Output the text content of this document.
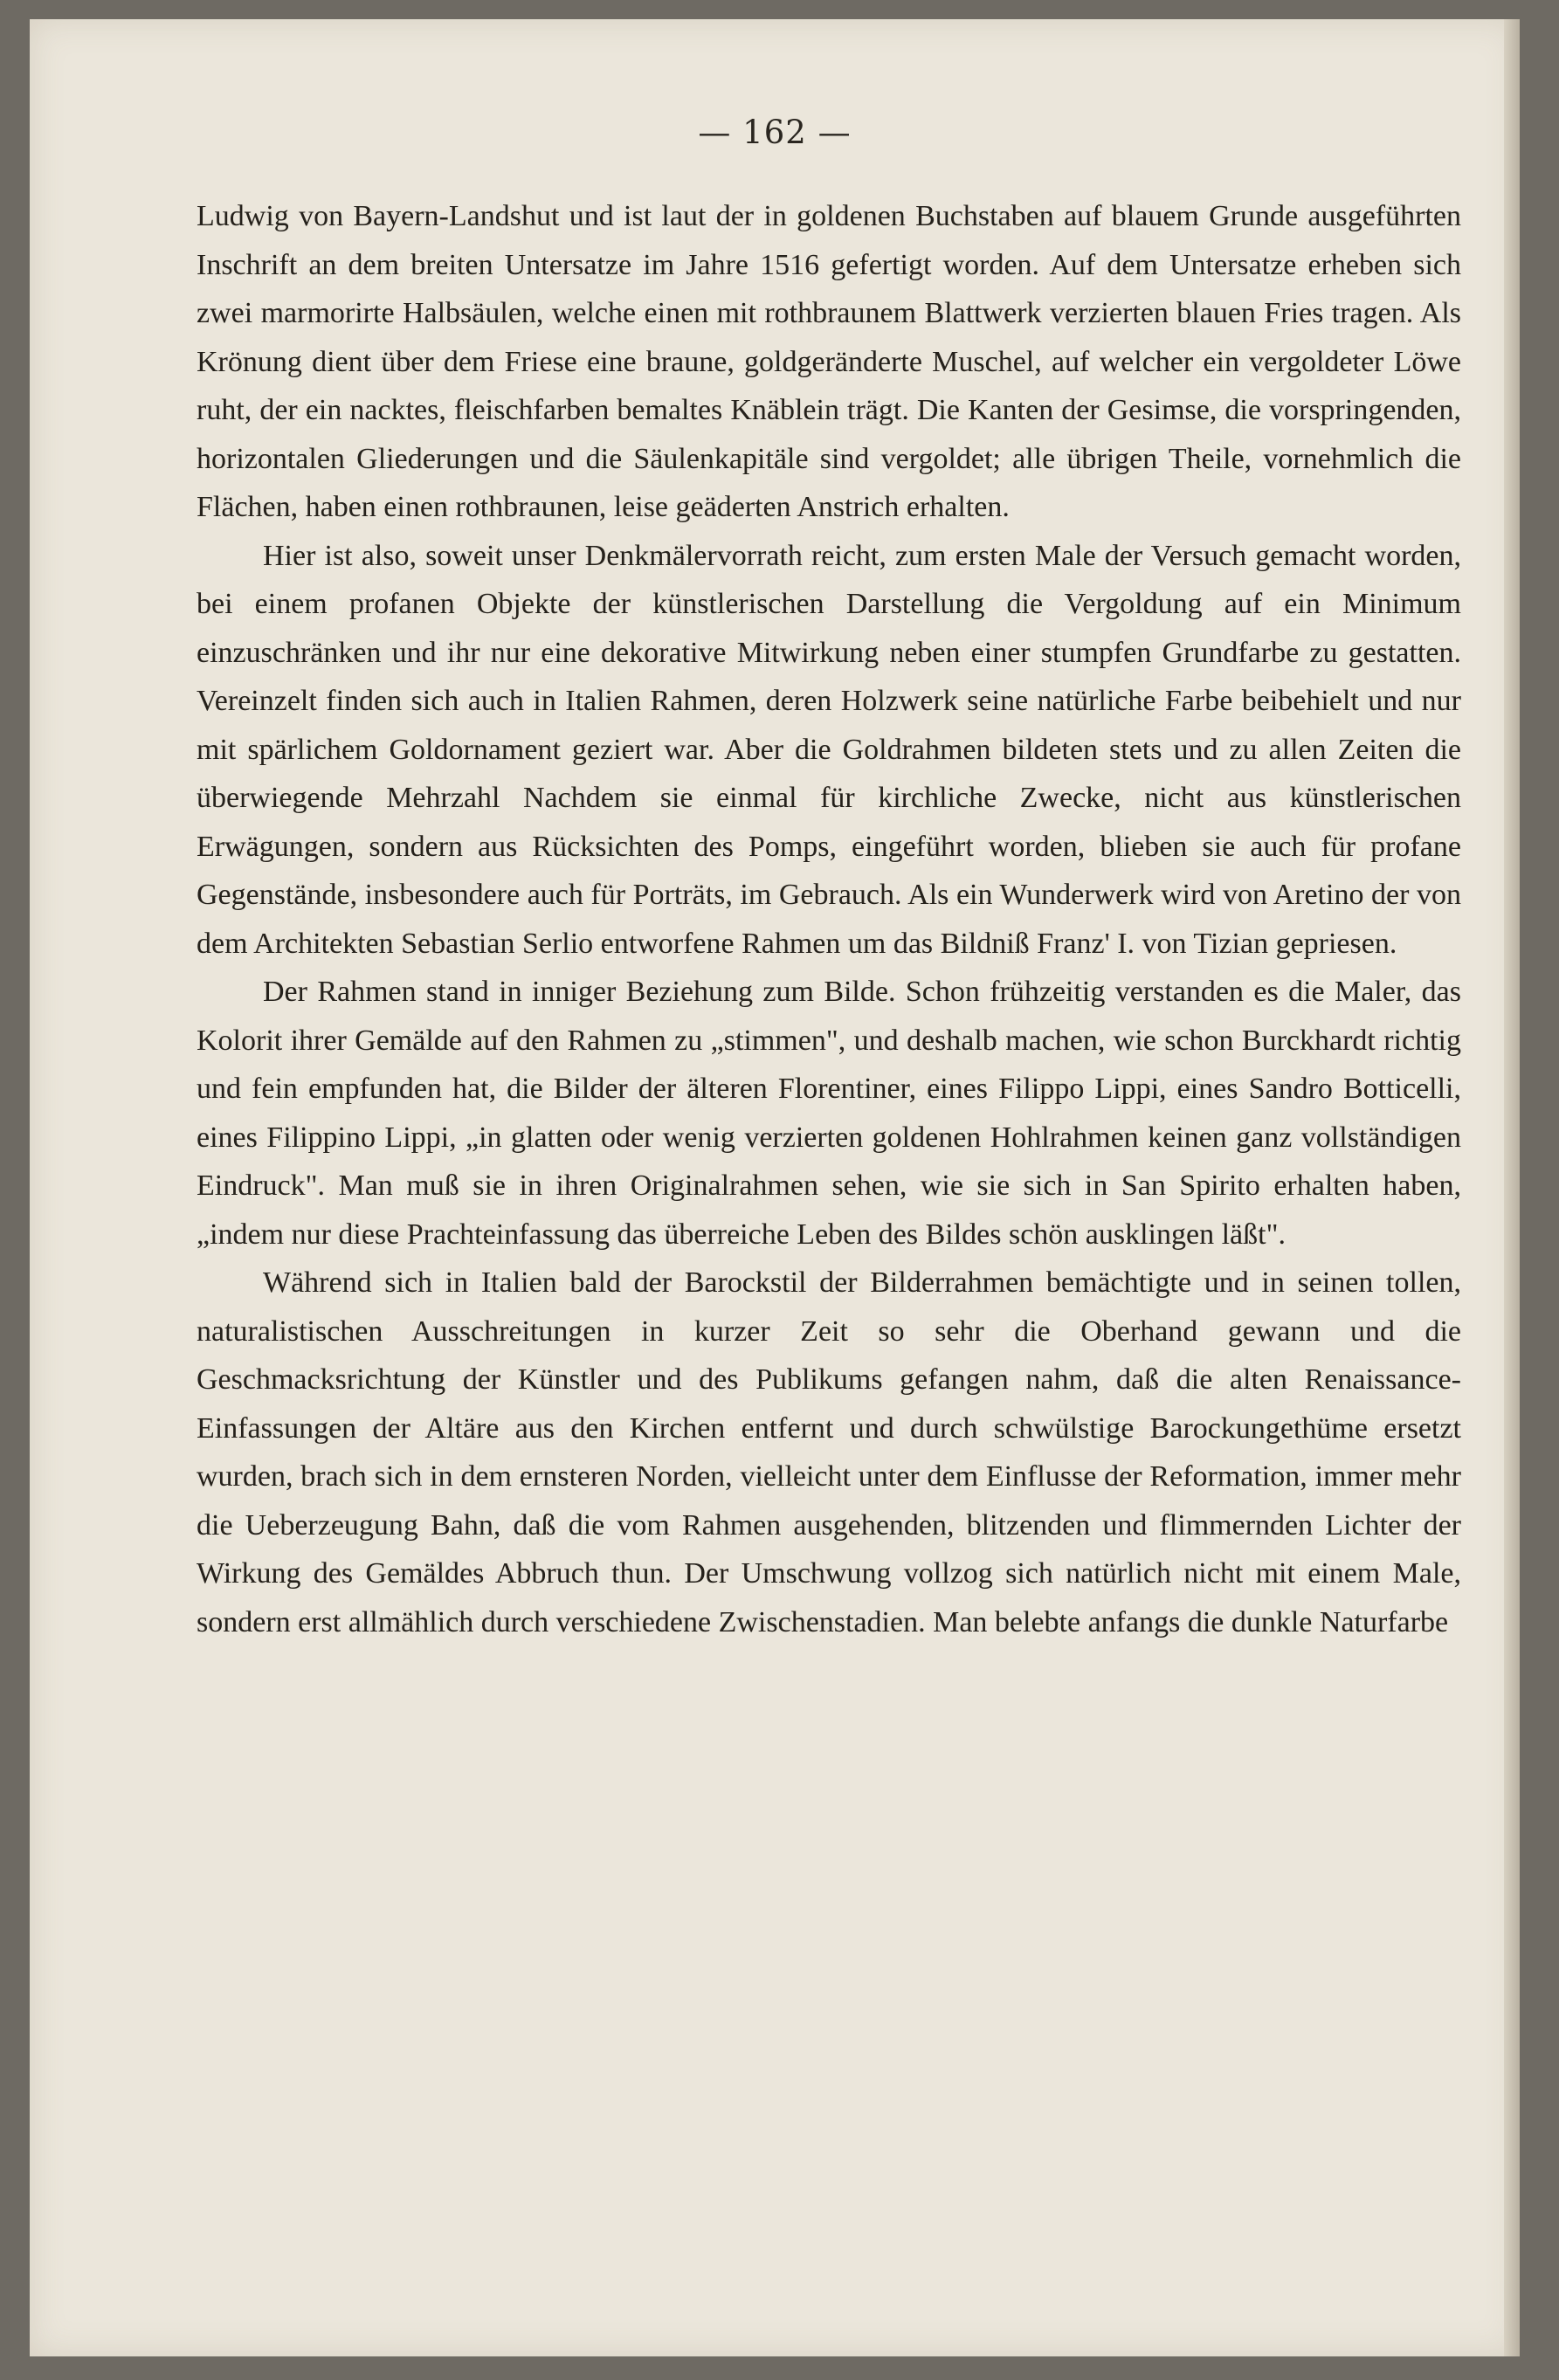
— 162 —

Ludwig von Bayern-Landshut und ist laut der in goldenen Buchstaben auf blauem Grunde ausgeführten Inschrift an dem breiten Untersatze im Jahre 1516 gefertigt worden. Auf dem Untersatze erheben sich zwei marmorirte Halbsäulen, welche einen mit rothbraunem Blattwerk verzierten blauen Fries tragen. Als Krönung dient über dem Friese eine braune, goldgeränderte Muschel, auf welcher ein vergoldeter Löwe ruht, der ein nacktes, fleischfarben bemaltes Knäblein trägt. Die Kanten der Gesimse, die vorspringenden, horizontalen Gliederungen und die Säulenkapitäle sind vergoldet; alle übrigen Theile, vornehmlich die Flächen, haben einen rothbraunen, leise geäderten Anstrich erhalten.

Hier ist also, soweit unser Denkmälervorrath reicht, zum ersten Male der Versuch gemacht worden, bei einem profanen Objekte der künstlerischen Darstellung die Vergoldung auf ein Minimum einzuschränken und ihr nur eine dekorative Mitwirkung neben einer stumpfen Grundfarbe zu gestatten. Vereinzelt finden sich auch in Italien Rahmen, deren Holzwerk seine natürliche Farbe beibehielt und nur mit spärlichem Goldornament geziert war. Aber die Goldrahmen bildeten stets und zu allen Zeiten die überwiegende Mehrzahl Nachdem sie einmal für kirchliche Zwecke, nicht aus künstlerischen Erwägungen, sondern aus Rücksichten des Pomps, eingeführt worden, blieben sie auch für profane Gegenstände, insbesondere auch für Porträts, im Gebrauch. Als ein Wunderwerk wird von Aretino der von dem Architekten Sebastian Serlio entworfene Rahmen um das Bildniß Franz' I. von Tizian gepriesen.

Der Rahmen stand in inniger Beziehung zum Bilde. Schon frühzeitig verstanden es die Maler, das Kolorit ihrer Gemälde auf den Rahmen zu „stimmen", und deshalb machen, wie schon Burckhardt richtig und fein empfunden hat, die Bilder der älteren Florentiner, eines Filippo Lippi, eines Sandro Botticelli, eines Filippino Lippi, „in glatten oder wenig verzierten goldenen Hohlrahmen keinen ganz vollständigen Eindruck". Man muß sie in ihren Originalrahmen sehen, wie sie sich in San Spirito erhalten haben, „indem nur diese Prachteinfassung das überreiche Leben des Bildes schön ausklingen läßt".

Während sich in Italien bald der Barockstil der Bilderrahmen bemächtigte und in seinen tollen, naturalistischen Ausschreitungen in kurzer Zeit so sehr die Oberhand gewann und die Geschmacksrichtung der Künstler und des Publikums gefangen nahm, daß die alten Renaissance-Einfassungen der Altäre aus den Kirchen entfernt und durch schwülstige Barockungethüme ersetzt wurden, brach sich in dem ernsteren Norden, vielleicht unter dem Einflusse der Reformation, immer mehr die Ueberzeugung Bahn, daß die vom Rahmen ausgehenden, blitzenden und flimmernden Lichter der Wirkung des Gemäldes Abbruch thun. Der Umschwung vollzog sich natürlich nicht mit einem Male, sondern erst allmählich durch verschiedene Zwischenstadien. Man belebte anfangs die dunkle Naturfarbe
